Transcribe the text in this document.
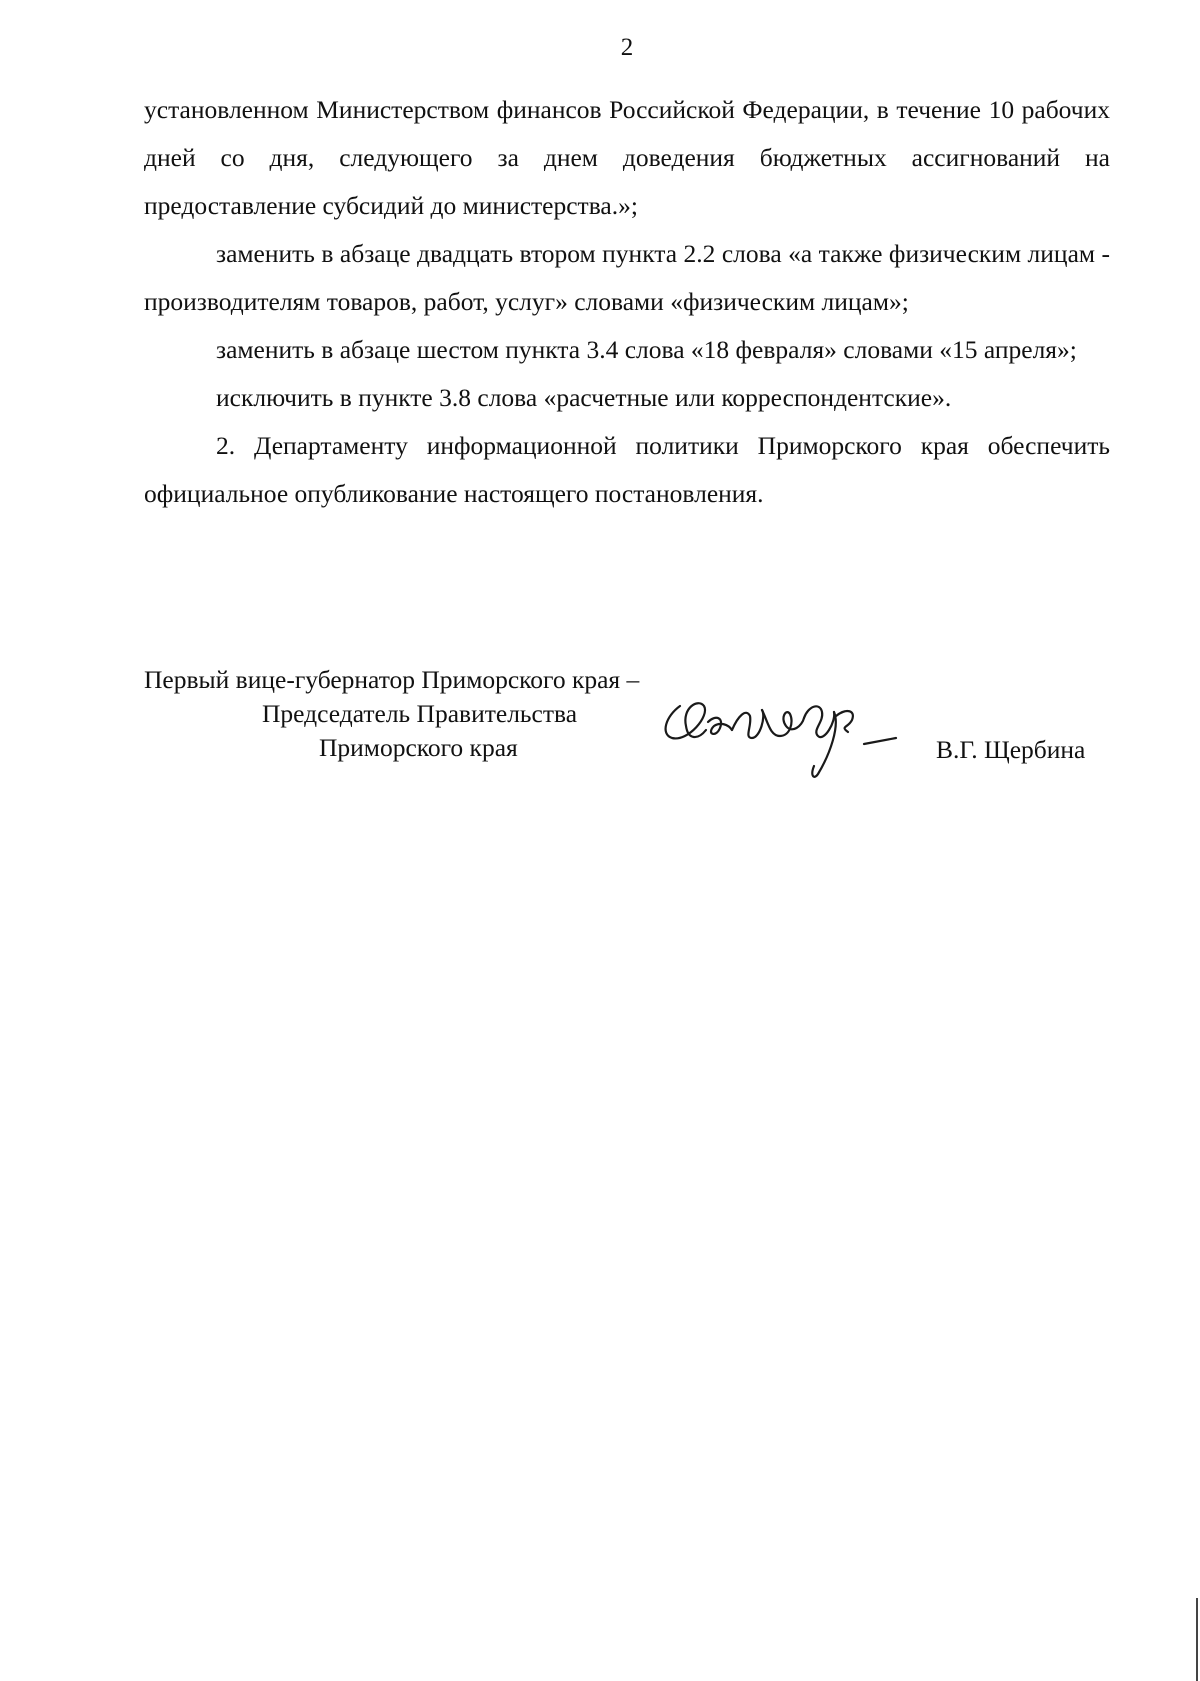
2

установленном Министерством финансов Российской Федерации, в течение 10 рабочих дней со дня, следующего за днем доведения бюджетных ассигнований на предоставление субсидий до министерства.»;

заменить в абзаце двадцать втором пункта 2.2 слова «а также физическим лицам - производителям товаров, работ, услуг» словами «физическим лицам»;

заменить в абзаце шестом пункта 3.4 слова «18 февраля» словами «15 апреля»;

исключить в пункте 3.8 слова «расчетные или корреспондентские».

2. Департаменту информационной политики Приморского края обеспечить официальное опубликование настоящего постановления.

Первый вице-губернатор Приморского края –
Председатель Правительства
Приморского края	В.Г. Щербина
